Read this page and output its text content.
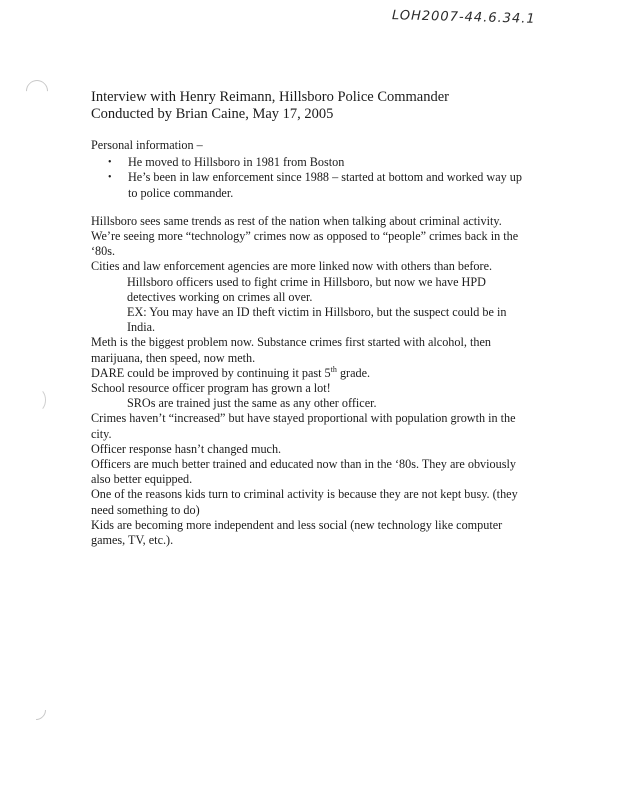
LOH2007-44.6.34.1
Interview with Henry Reimann, Hillsboro Police Commander
Conducted by Brian Caine, May 17, 2005

Personal information –

• He moved to Hillsboro in 1981 from Boston
• He’s been in law enforcement since 1988 – started at bottom and worked way up to police commander.

Hillsboro sees same trends as rest of the nation when talking about criminal activity.

We’re seeing more “technology” crimes now as opposed to “people” crimes back in the ‘80s.

Cities and law enforcement agencies are more linked now with others than before.

Hillsboro officers used to fight crime in Hillsboro, but now we have HPD detectives working on crimes all over.

EX: You may have an ID theft victim in Hillsboro, but the suspect could be in India.

Meth is the biggest problem now. Substance crimes first started with alcohol, then marijuana, then speed, now meth.

DARE could be improved by continuing it past 5th grade.

School resource officer program has grown a lot!

SROs are trained just the same as any other officer.

Crimes haven’t “increased” but have stayed proportional with population growth in the city.

Officer response hasn’t changed much.

Officers are much better trained and educated now than in the ‘80s. They are obviously also better equipped.

One of the reasons kids turn to criminal activity is because they are not kept busy. (they need something to do)

Kids are becoming more independent and less social (new technology like computer games, TV, etc.).
